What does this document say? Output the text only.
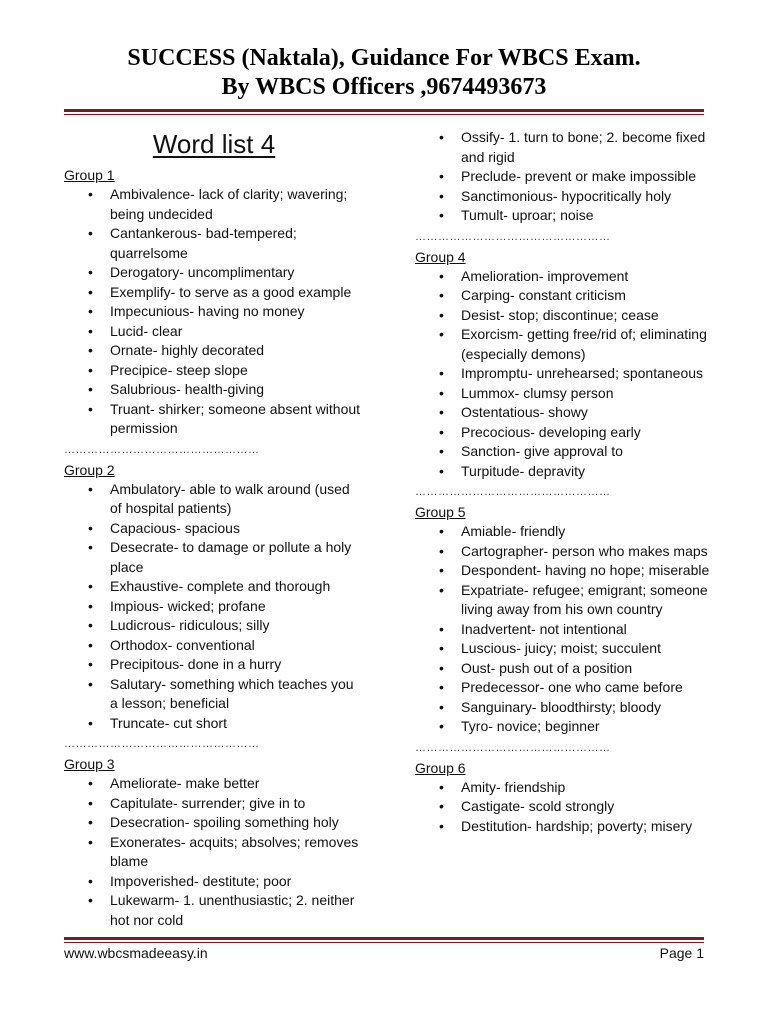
SUCCESS (Naktala), Guidance For WBCS Exam.
By WBCS Officers ,9674493673
Word list 4
Group 1
• Ambivalence- lack of clarity; wavering; being undecided
• Cantankerous- bad-tempered; quarrelsome
• Derogatory- uncomplimentary
• Exemplify- to serve as a good example
• Impecunious- having no money
• Lucid- clear
• Ornate- highly decorated
• Precipice- steep slope
• Salubrious- health-giving
• Truant- shirker; someone absent without permission
……………………………………………
Group 2
• Ambulatory- able to walk around (used of hospital patients)
• Capacious- spacious
• Desecrate- to damage or pollute a holy place
• Exhaustive- complete and thorough
• Impious- wicked; profane
• Ludicrous- ridiculous; silly
• Orthodox- conventional
• Precipitous- done in a hurry
• Salutary- something which teaches you a lesson; beneficial
• Truncate- cut short
……………………………………………
Group 3
• Ameliorate- make better
• Capitulate- surrender; give in to
• Desecration- spoiling something holy
• Exonerates- acquits; absolves; removes blame
• Impoverished- destitute; poor
• Lukewarm- 1. unenthusiastic; 2. neither hot nor cold
• Ossify- 1. turn to bone; 2. become fixed and rigid
• Preclude- prevent or make impossible
• Sanctimonious- hypocritically holy
• Tumult- uproar; noise
……………………………………………
Group 4
• Amelioration- improvement
• Carping- constant criticism
• Desist- stop; discontinue; cease
• Exorcism- getting free/rid of; eliminating (especially demons)
• Impromptu- unrehearsed; spontaneous
• Lummox- clumsy person
• Ostentatious- showy
• Precocious- developing early
• Sanction- give approval to
• Turpitude- depravity
……………………………………………
Group 5
• Amiable- friendly
• Cartographer- person who makes maps
• Despondent- having no hope; miserable
• Expatriate- refugee; emigrant; someone living away from his own country
• Inadvertent- not intentional
• Luscious- juicy; moist; succulent
• Oust- push out of a position
• Predecessor- one who came before
• Sanguinary- bloodthirsty; bloody
• Tyro- novice; beginner
……………………………………………
Group 6
• Amity- friendship
• Castigate- scold strongly
• Destitution- hardship; poverty; misery
www.wbcsmadeeasy.in	Page 1
